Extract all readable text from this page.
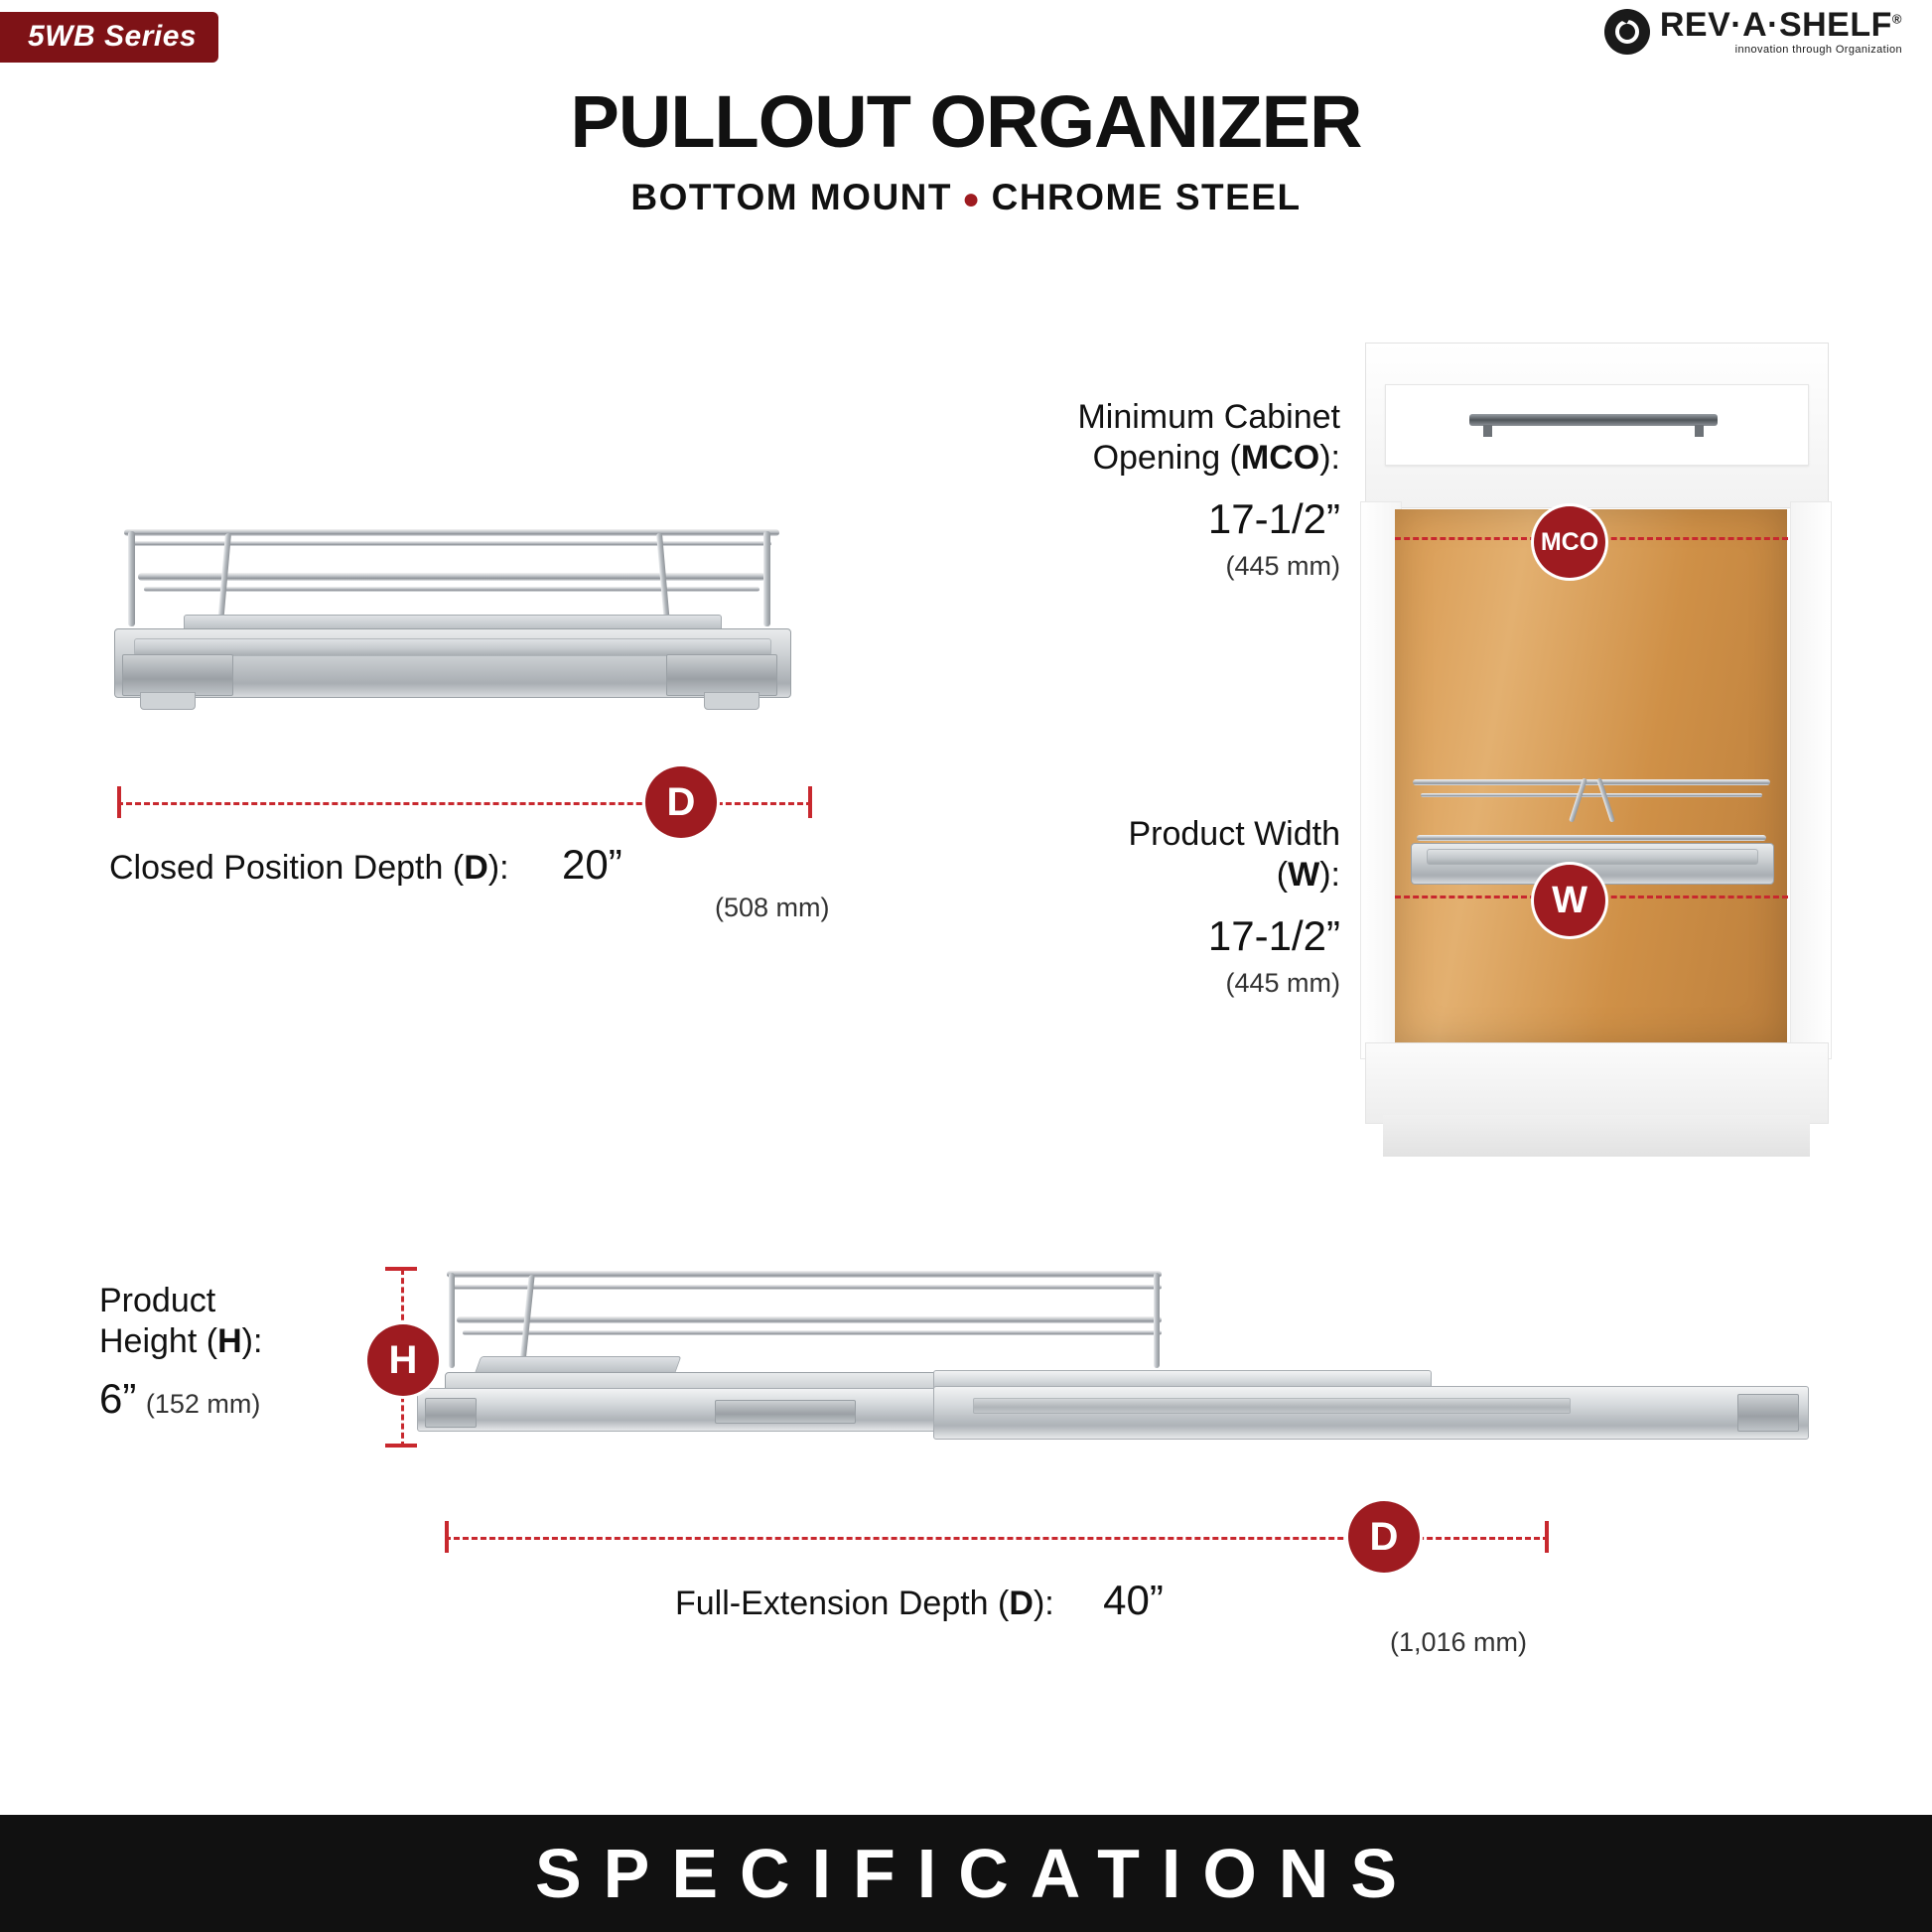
5WB Series	REV·A·SHELF®
innovation through Organization
PULLOUT ORGANIZER
BOTTOM MOUNT ● CHROME STEEL
D
Closed Position Depth (D): 20”
(508 mm)
Minimum Cabinet
Opening (MCO):
17-1/2”
(445 mm)
Product Width
(W):
17-1/2”
(445 mm)
MCO
W
H
Product
Height (H):
6” (152 mm)
D
Full-Extension Depth (D): 40”
(1,016 mm)
SPECIFICATIONS
